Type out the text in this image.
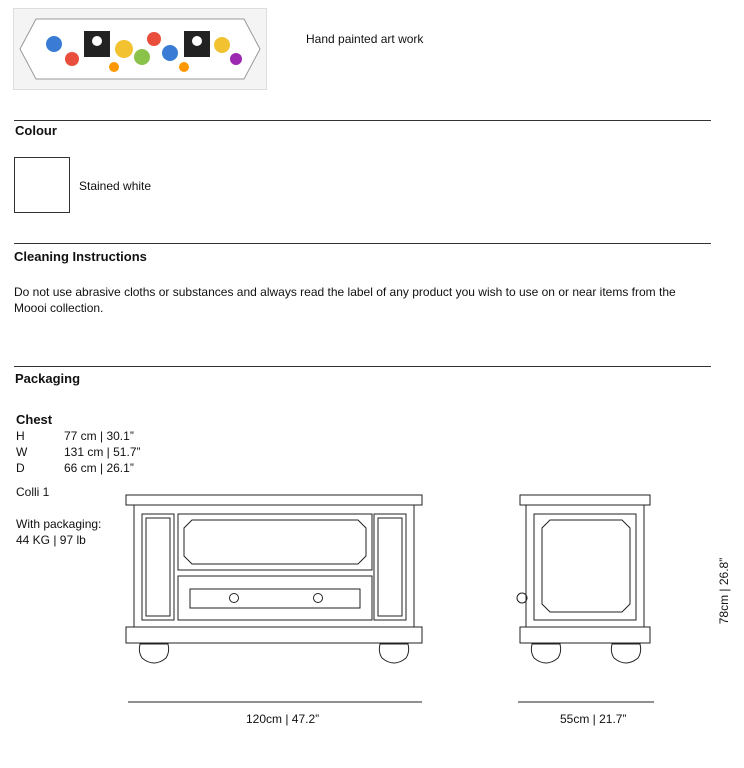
Hand painted art work
Colour
Stained white
Cleaning Instructions
Do not use abrasive cloths or substances and always read the label of any product you wish to use on or near items from the
Moooi collection.
Packaging
Chest
H	77 cm | 30.1”
W	131 cm | 51.7”
D	66 cm | 26.1”
Colli 1
With packaging:
44 KG | 97 lb
120cm | 47.2”	55cm | 21.7”
78cm | 26.8”
